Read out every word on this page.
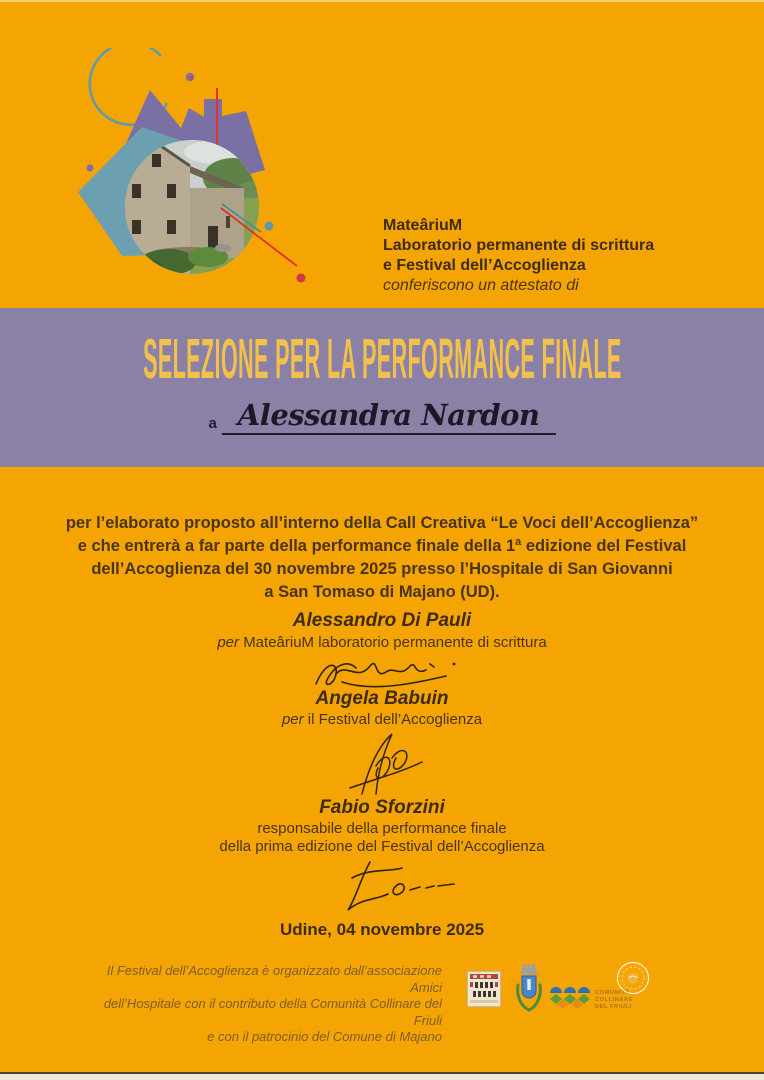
MateâriuM
Laboratorio permanente di scrittura
e Festival dell’Accoglienza
conferiscono un attestato di
SELEZIONE PER LA PERFORMANCE FINALE
a Alessandra Nardon
per l’elaborato proposto all’interno della Call Creativa “Le Voci dell’Accoglienza”
e che entrerà a far parte della performance finale della 1ª edizione del Festival
dell’Accoglienza del 30 novembre 2025 presso l’Hospitale di San Giovanni
a San Tomaso di Majano (UD).
Alessandro Di Pauli
per MateâriuM laboratorio permanente di scrittura
Angela Babuin
per il Festival dell’Accoglienza
Fabio Sforzini
responsabile della performance finale
della prima edizione del Festival dell’Accoglienza
Udine, 04 novembre 2025
Il Festival dell’Accoglienza è organizzato dall’associazione Amici
dell’Hospitale con il contributo della Comunità Collinare del Friuli
e con il patrocinio del Comune di Majano
COMUNITÀ
COLLINARE
DEL FRIULI
